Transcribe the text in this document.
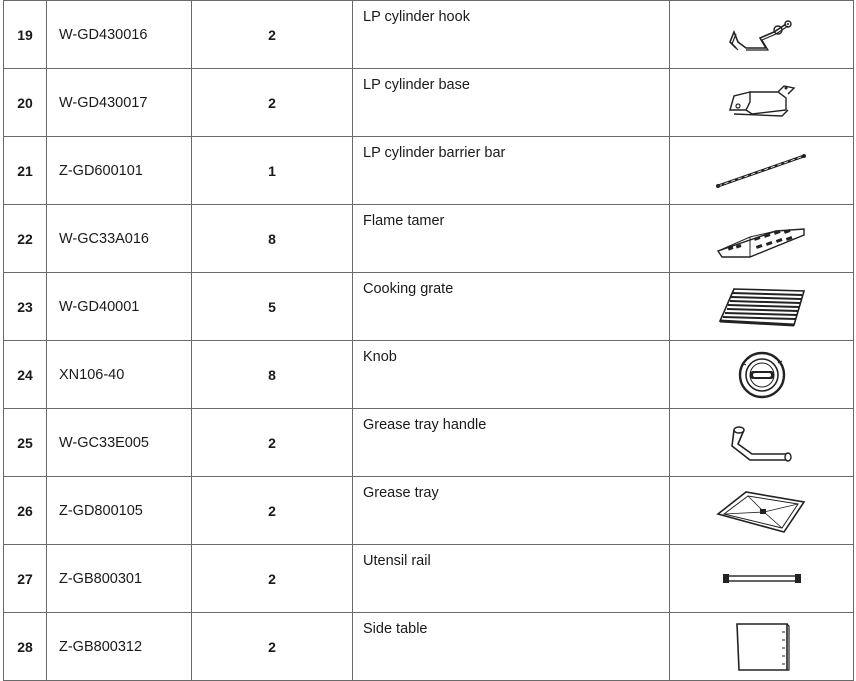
19	W-GD430016	2	LP cylinder hook	

20	W-GD430017	2	LP cylinder base	

21	Z-GD600101	1	LP cylinder barrier bar	

22	W-GC33A016	8	Flame tamer	

23	W-GD40001	5	Cooking grate	

24	XN106-40	8	Knob	

25	W-GC33E005	2	Grease tray handle	

26	Z-GD800105	2	Grease tray	

27	Z-GB800301	2	Utensil rail	

28	Z-GB800312	2	Side table	
